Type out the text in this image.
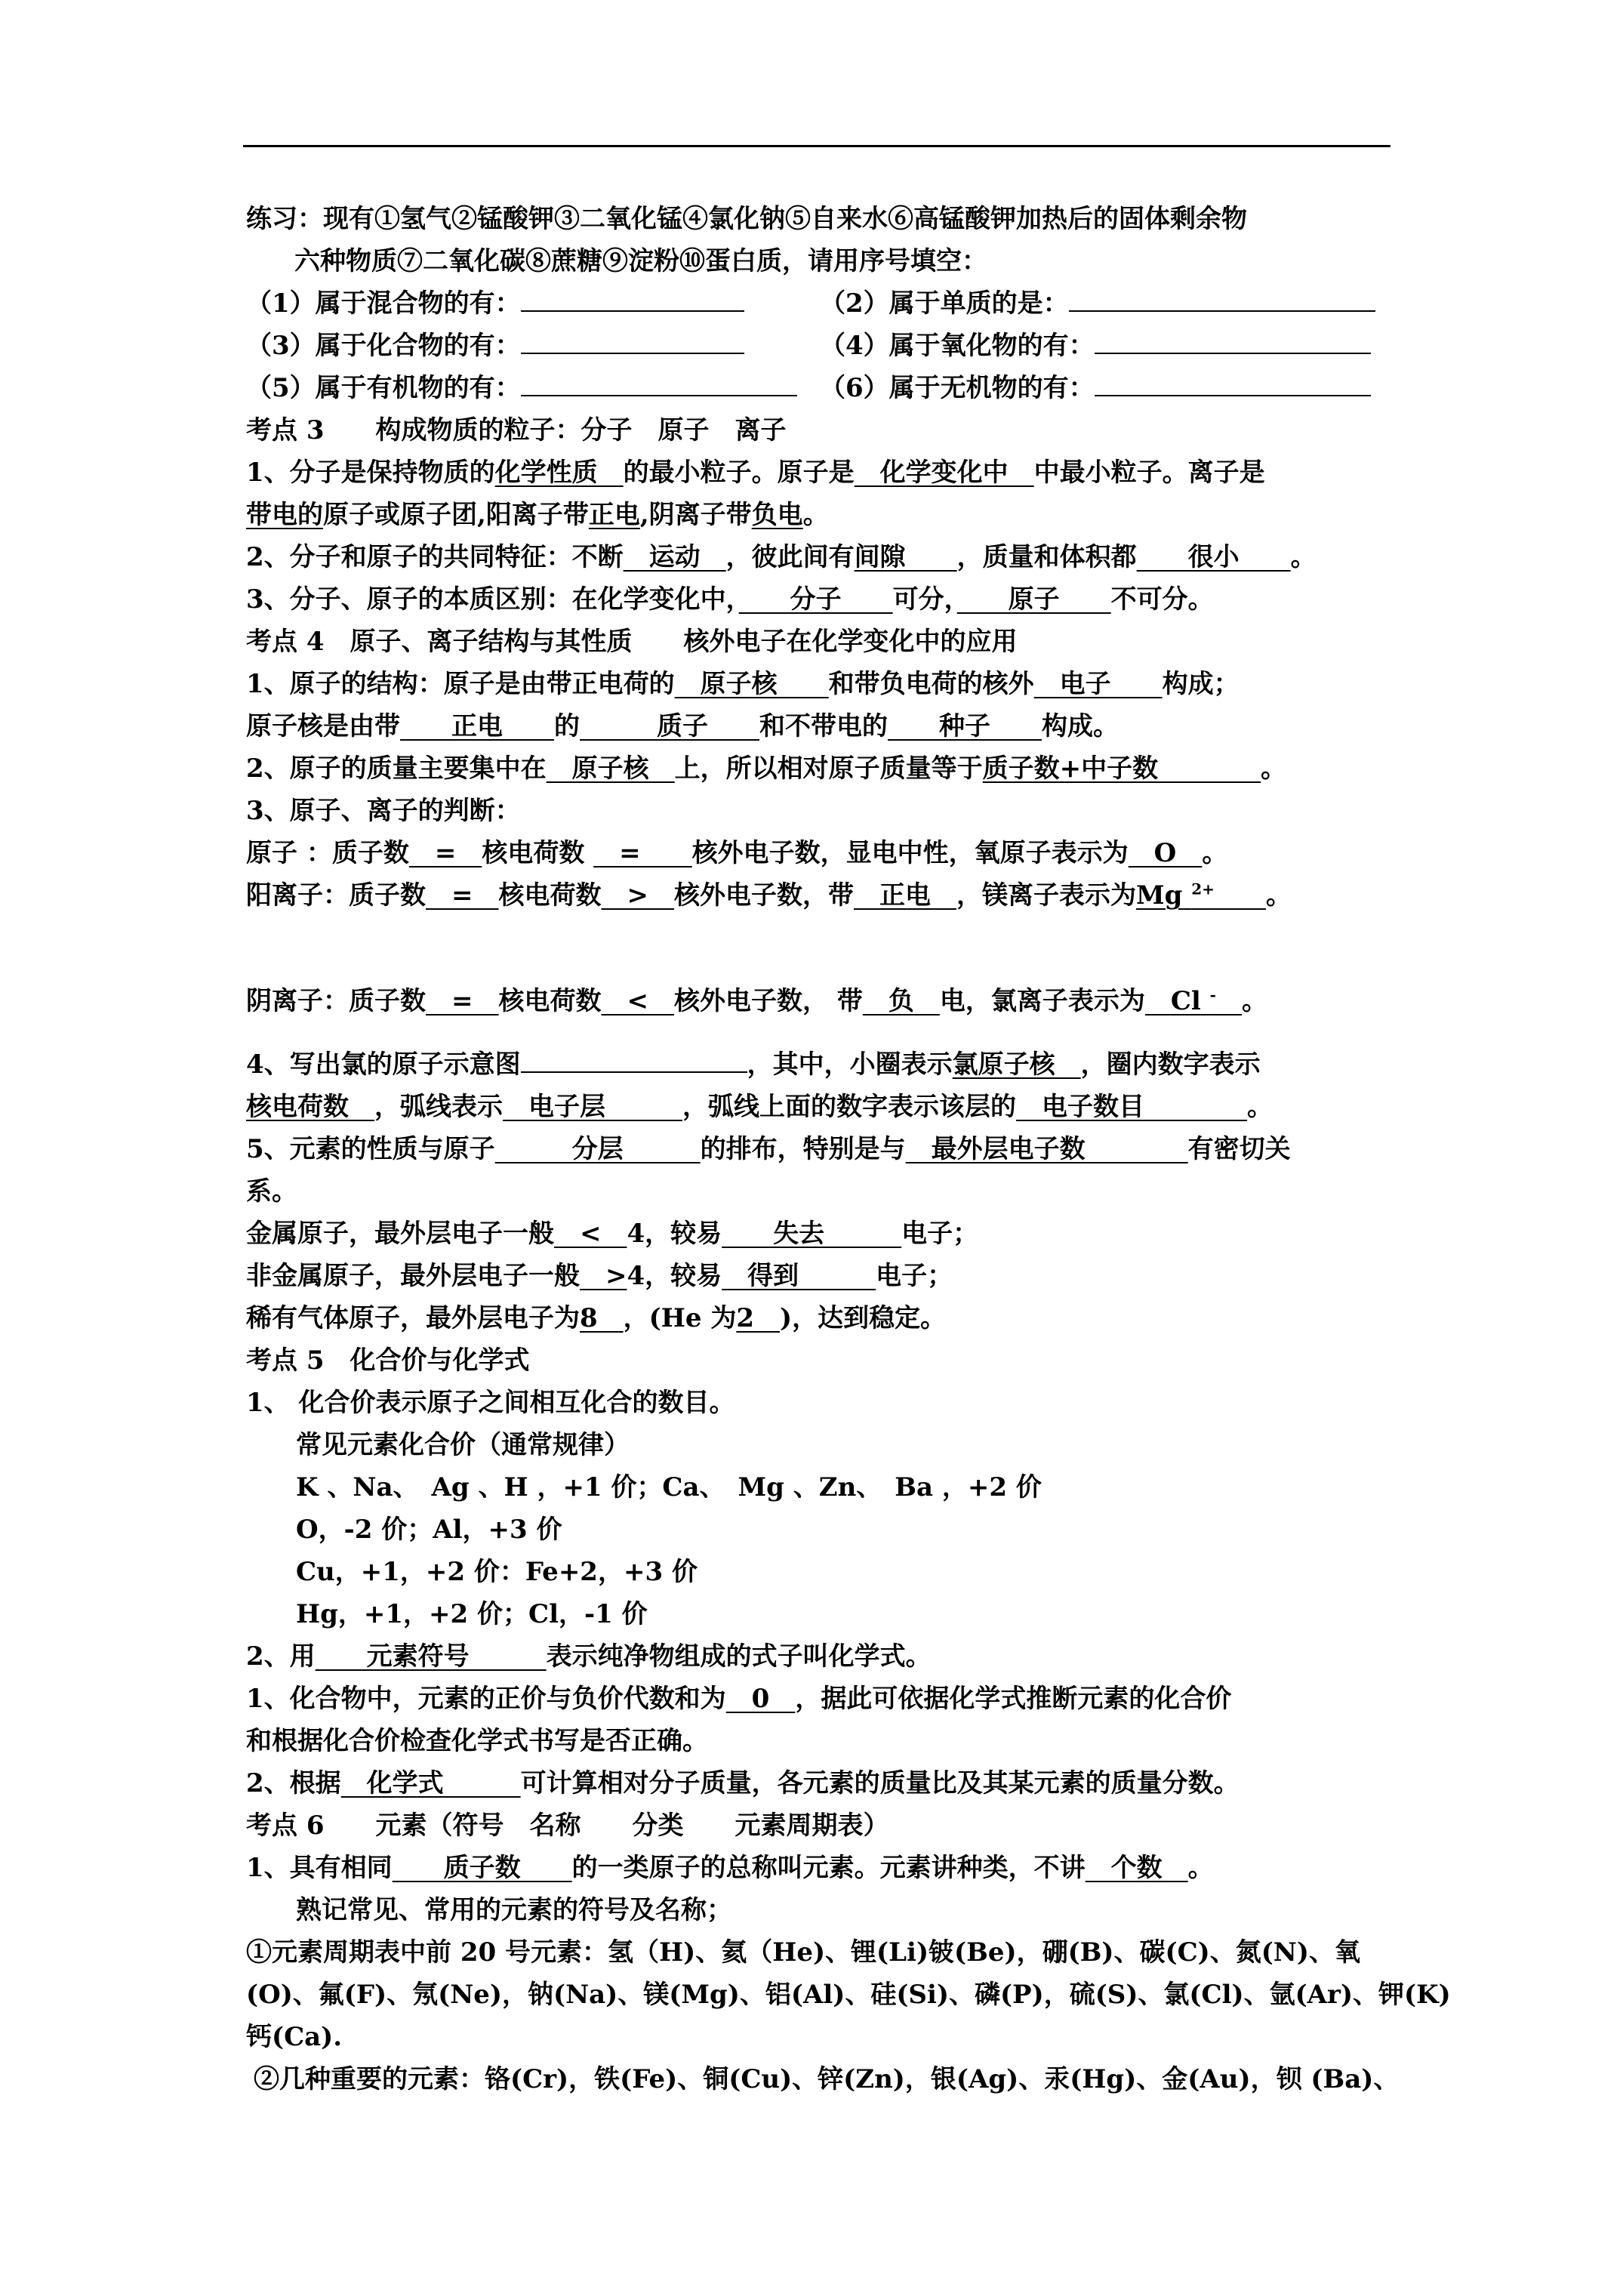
练习：现有①氢气②锰酸钾③二氧化锰④氯化钠⑤自来水⑥高锰酸钾加热后的固体剩余物
六种物质⑦二氧化碳⑧蔗糖⑨淀粉⑩蛋白质，请用序号填空：
（1）属于混合物的有：	（2）属于单质的是：
（3）属于化合物的有：	（4）属于氧化物的有：
（5）属于有机物的有：	（6）属于无机物的有：
考点 3　　构成物质的粒子：分子　原子　离子
1、分子是保持物质的化学性质　的最小粒子。原子是　化学变化中　中最小粒子。离子是
带电的原子或原子团,阳离子带正电,阴离子带负电。
2、分子和原子的共同特征：不断　运动　，彼此间有间隙　　，质量和体积都　　很小　　。
3、分子、原子的本质区别：在化学变化中，　　分子　　可分，　　原子　　不可分。
考点 4　原子、离子结构与其性质　　核外电子在化学变化中的应用
1、原子的结构：原子是由带正电荷的　原子核　　和带负电荷的核外　电子　　构成；
原子核是由带　　正电　　的　　　质子　　和不带电的　　种子　　构成。
2、原子的质量主要集中在　原子核　上，所以相对原子质量等于质子数+中子数　　　　。
3、原子、离子的判断：
原子 ：质子数　=　核电荷数 　=　　核外电子数，显电中性，氧原子表示为　O　。
阳离子：质子数　=　核电荷数　>　核外电子数，带　正电　，镁离子表示为Mg $^{2+}$　　 。
阴离子：质子数　=　核电荷数　<　核外电子数， 带　负　电，氯离子表示为　 Cl -　 。
4、写出氯的原子示意图	，其中，小圈表示氯原子核　，圈内数字表示
核电荷数　，弧线表示　电子层　　　，弧线上面的数字表示该层的　电子数目　　　　。
5、元素的性质与原子　　　分层　　　的排布，特别是与　最外层电子数　　　　有密切关
系。
金属原子，最外层电子一般　<　4，较易　　失去　　　电子；
非金属原子，最外层电子一般　>4，较易　得到　　　电子；
稀有气体原子，最外层电子为8　，(He 为2　)，达到稳定。
考点 5　化合价与化学式
1、 化合价表示原子之间相互化合的数目。
常见元素化合价（通常规律）
K 、Na、　Ag 、H ，+1 价；Ca、　Mg 、Zn、　Ba ，+2 价
O，-2 价；Al，+3 价
Cu，+1，+2 价：Fe+2，+3 价
Hg，+1，+2 价；Cl，-1 价
2、用　　元素符号　　　表示纯净物组成的式子叫化学式。
1、化合物中，元素的正价与负价代数和为　0　，据此可依据化学式推断元素的化合价
和根据化合价检查化学式书写是否正确。
2、根据　化学式　　　可计算相对分子质量，各元素的质量比及其某元素的质量分数。
考点 6　　元素（符号　名称　　分类　　元素周期表）
1、具有相同　　质子数　　的一类原子的总称叫元素。元素讲种类，不讲　个数　。
熟记常见、常用的元素的符号及名称；
①元素周期表中前 20 号元素：氢（H)、氦（He)、锂(Li)铍(Be)，硼(B)、碳(C)、氮(N)、氧
(O)、氟(F)、氖(Ne)，钠(Na)、镁(Mg)、铝(Al)、硅(Si)、磷(P)，硫(S)、氯(Cl)、氩(Ar)、钾(K)
钙(Ca).
②几种重要的元素：铬(Cr)，铁(Fe)、铜(Cu)、锌(Zn)，银(Ag)、汞(Hg)、金(Au)，钡 (Ba)、
